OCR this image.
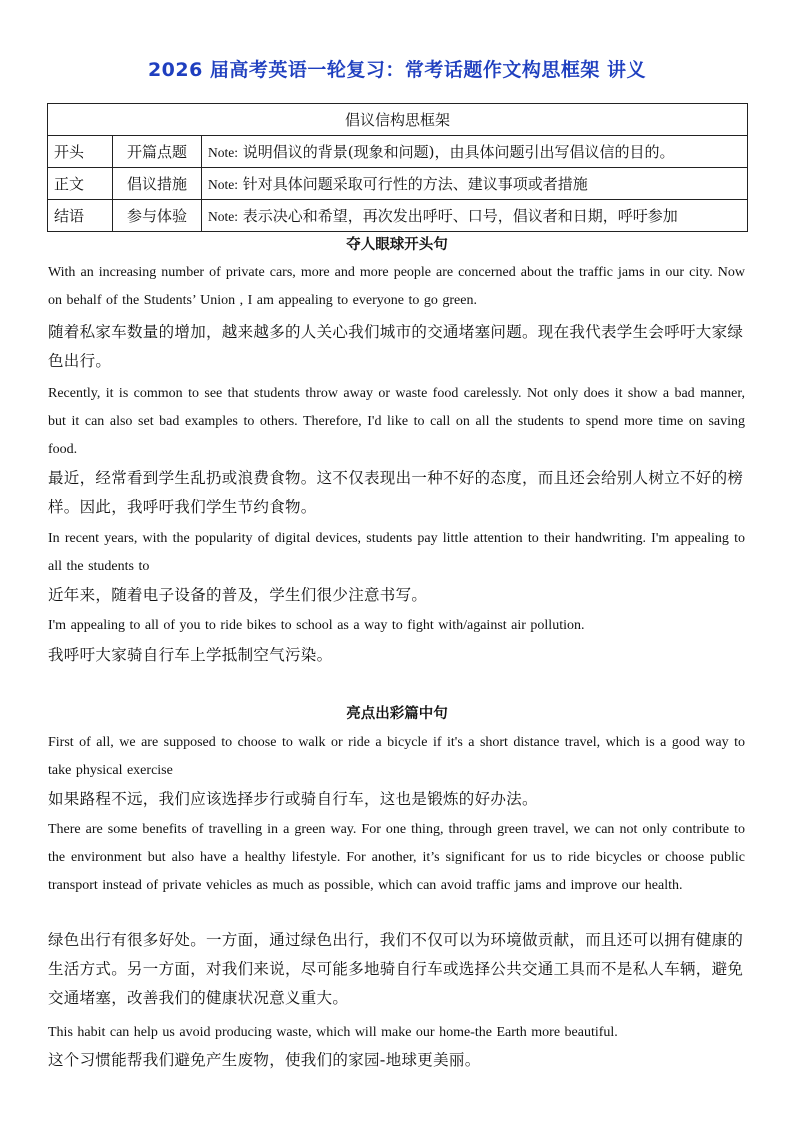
2026 届高考英语一轮复习：常考话题作文构思框架 讲义
倡议信构思框架		
开头	开篇点题	Note: 说明倡议的背景(现象和问题)，由具体问题引出写倡议信的目的。
正文	倡议措施	Note: 针对具体问题采取可行性的方法、建议事项或者措施
结语	参与体验	Note: 表示决心和希望，再次发出呼吁、口号，倡议者和日期，呼吁参加
夺人眼球开头句
With an increasing number of private cars, more and more people are concerned about the traffic jams in our city. Now on behalf of the Students’ Union , I am appealing to everyone to go green.
随着私家车数量的增加，越来越多的人关心我们城市的交通堵塞问题。现在我代表学生会呼吁大家绿色出行。
Recently, it is common to see that students throw away or waste food carelessly. Not only does it show a bad manner, but it can also set bad examples to others. Therefore, I'd like to call on all the students to spend more time on saving food.
最近，经常看到学生乱扔或浪费食物。这不仅表现出一种不好的态度，而且还会给别人树立不好的榜样。因此，我呼吁我们学生节约食物。
In recent years, with the popularity of digital devices, students pay little attention to their handwriting. I'm appealing to all the students to
近年来，随着电子设备的普及，学生们很少注意书写。
I'm appealing to all of you to ride bikes to school as a way to fight with/against air pollution.
我呼吁大家骑自行车上学抵制空气污染。
亮点出彩篇中句
First of all, we are supposed to choose to walk or ride a bicycle if it's a short distance travel, which is a good way to take physical exercise
如果路程不远，我们应该选择步行或骑自行车，这也是锻炼的好办法。
There are some benefits of travelling in a green way. For one thing, through green travel, we can not only contribute to the environment but also have a healthy lifestyle. For another, it’s significant for us to ride bicycles or choose public transport instead of private vehicles as much as possible, which can avoid traffic jams and improve our health.
绿色出行有很多好处。一方面，通过绿色出行，我们不仅可以为环境做贡献，而且还可以拥有健康的生活方式。另一方面，对我们来说，尽可能多地骑自行车或选择公共交通工具而不是私人车辆，避免交通堵塞，改善我们的健康状况意义重大。
This habit can help us avoid producing waste, which will make our home-the Earth more beautiful.
这个习惯能帮我们避免产生废物，使我们的家园-地球更美丽。
